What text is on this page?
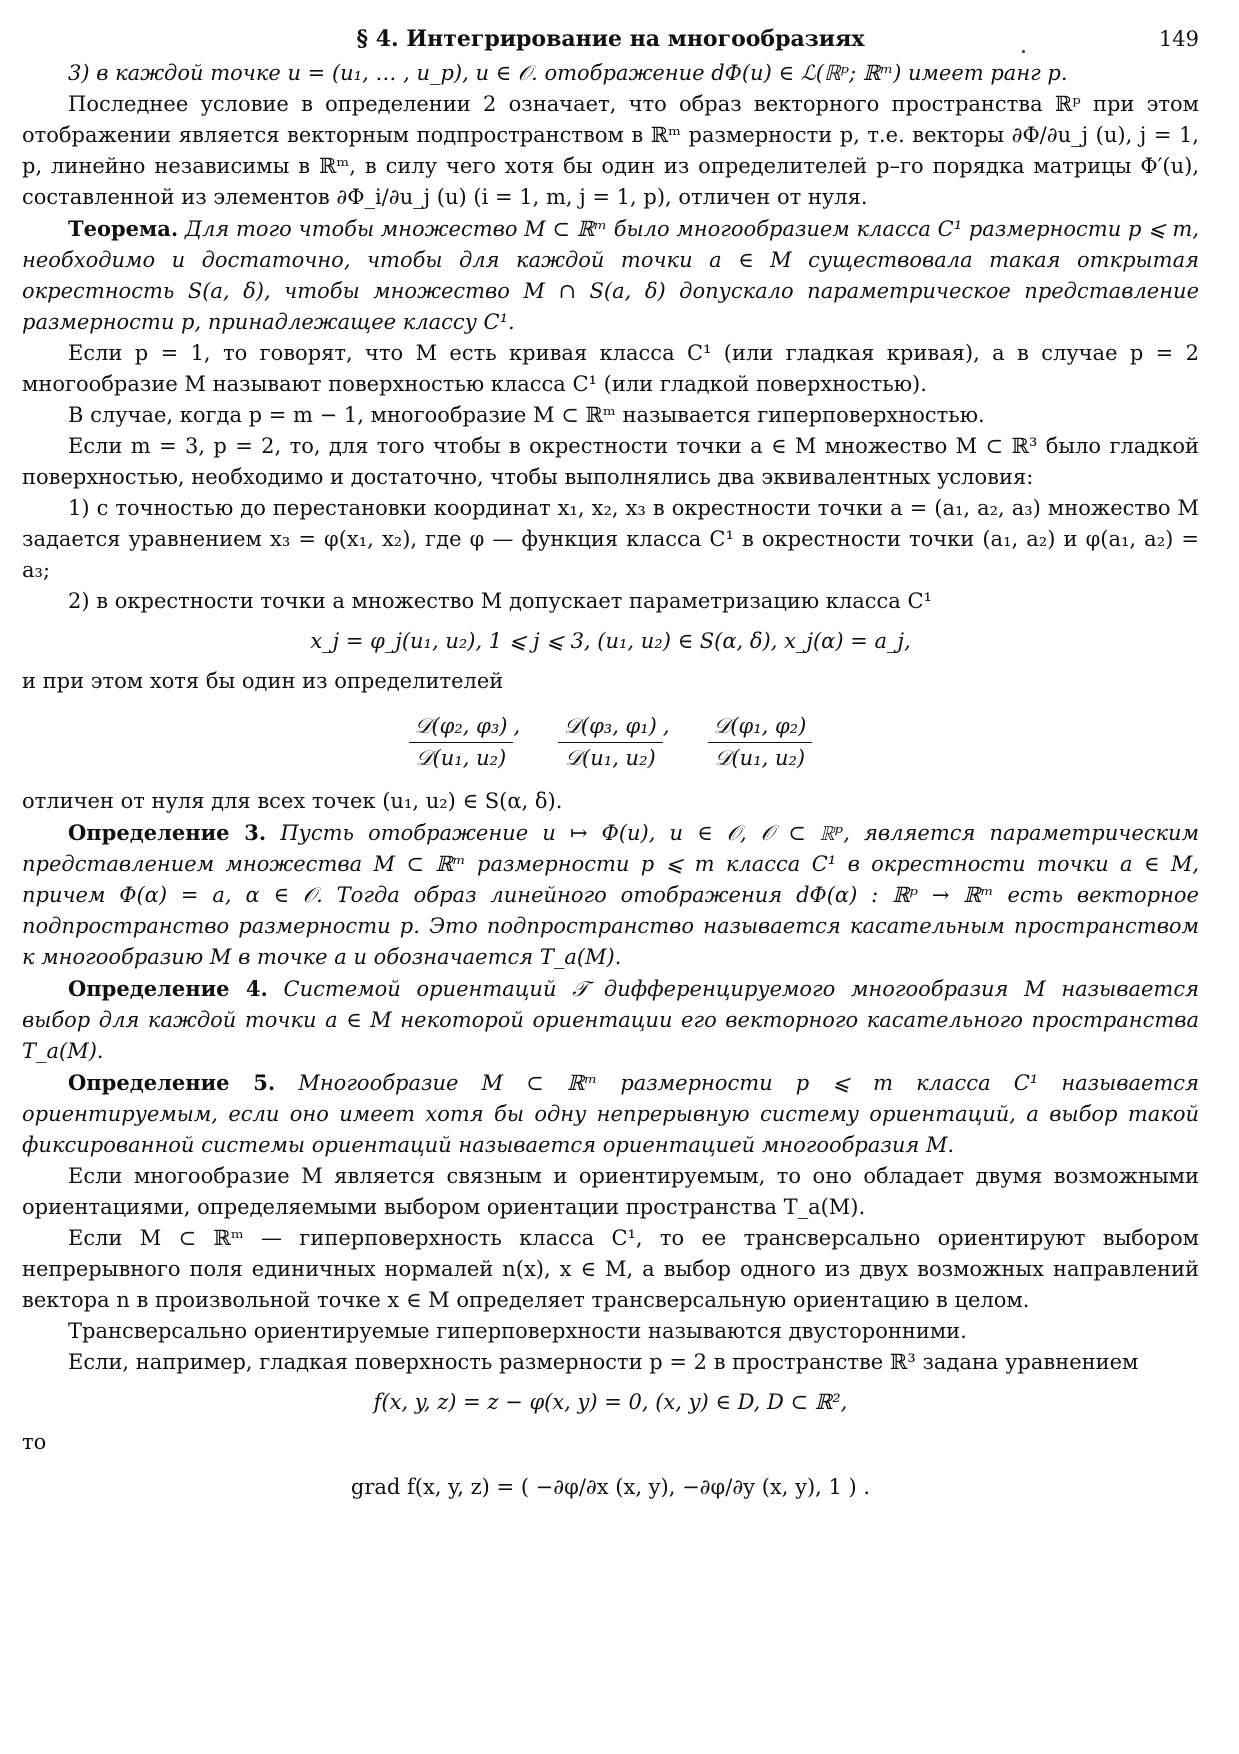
§ 4. Интегрирование на многообразиях	149

3) в каждой точке u = (u₁, … , u_p), u ∈ 𝒪. отображение dΦ(u) ∈ ℒ(ℝᵖ; ℝᵐ) имеет ранг p.

Последнее условие в определении 2 означает, что образ векторного пространства ℝᵖ при этом отображении является векторным подпространством в ℝᵐ размерности p, т.е. векторы ∂Φ/∂u_j (u), j = 1, p, линейно независимы в ℝᵐ, в силу чего хотя бы один из определителей p–го порядка матрицы Φ′(u), составленной из элементов ∂Φ_i/∂u_j (u) (i = 1, m, j = 1, p), отличен от нуля.

Теорема. Для того чтобы множество M ⊂ ℝᵐ было многообразием класса C¹ размерности p ⩽ m, необходимо и достаточно, чтобы для каждой точки a ∈ M существовала такая открытая окрестность S(a, δ), чтобы множество M ∩ S(a, δ) допускало параметрическое представление размерности p, принадлежащее классу C¹.

Если p = 1, то говорят, что M есть кривая класса C¹ (или гладкая кривая), а в случае p = 2 многообразие M называют поверхностью класса C¹ (или гладкой поверхностью).

В случае, когда p = m − 1, многообразие M ⊂ ℝᵐ называется гиперповерхностью.

Если m = 3, p = 2, то, для того чтобы в окрестности точки a ∈ M множество M ⊂ ℝ³ было гладкой поверхностью, необходимо и достаточно, чтобы выполнялись два эквивалентных условия:

1) с точностью до перестановки координат x₁, x₂, x₃ в окрестности точки a = (a₁, a₂, a₃) множество M задается уравнением x₃ = φ(x₁, x₂), где φ — функция класса C¹ в окрестности точки (a₁, a₂) и φ(a₁, a₂) = a₃;

2) в окрестности точки a множество M допускает параметризацию класса C¹

x_j = φ_j(u₁, u₂), 1 ⩽ j ⩽ 3, (u₁, u₂) ∈ S(α, δ), x_j(α) = a_j,

и при этом хотя бы один из определителей

$\frac{\text{𝒟(φ₂, φ₃)}}{\text{𝒟(u₁, u₂)}}$ , $\frac{\text{𝒟(φ₃, φ₁)}}{\text{𝒟(u₁, u₂)}}$ , $\frac{\text{𝒟(φ₁, φ₂)}}{\text{𝒟(u₁, u₂)}}$

отличен от нуля для всех точек (u₁, u₂) ∈ S(α, δ).

Определение 3. Пусть отображение u ↦ Φ(u), u ∈ 𝒪, 𝒪 ⊂ ℝᵖ, является параметрическим представлением множества M ⊂ ℝᵐ размерности p ⩽ m класса C¹ в окрестности точки a ∈ M, причем Φ(α) = a, α ∈ 𝒪. Тогда образ линейного отображения dΦ(α) : ℝᵖ → ℝᵐ есть векторное подпространство размерности p. Это подпространство называется касательным пространством к многообразию M в точке a и обозначается T_a(M).

Определение 4. Системой ориентаций 𝒯 дифференцируемого многообразия M называется выбор для каждой точки a ∈ M некоторой ориентации его векторного касательного пространства T_a(M).

Определение 5. Многообразие M ⊂ ℝᵐ размерности p ⩽ m класса C¹ называется ориентируемым, если оно имеет хотя бы одну непрерывную систему ориентаций, а выбор такой фиксированной системы ориентаций называется ориентацией многообразия M.

Если многообразие M является связным и ориентируемым, то оно обладает двумя возможными ориентациями, определяемыми выбором ориентации пространства T_a(M).

Если M ⊂ ℝᵐ — гиперповерхность класса C¹, то ее трансверсально ориентируют выбором непрерывного поля единичных нормалей n(x), x ∈ M, а выбор одного из двух возможных направлений вектора n в произвольной точке x ∈ M определяет трансверсальную ориентацию в целом.

Трансверсально ориентируемые гиперповерхности называются двусторонними.

Если, например, гладкая поверхность размерности p = 2 в пространстве ℝ³ задана уравнением

f(x, y, z) = z − φ(x, y) = 0, (x, y) ∈ D, D ⊂ ℝ²,

то

grad f(x, y, z) = ( −∂φ/∂x (x, y), −∂φ/∂y (x, y), 1 ) .
